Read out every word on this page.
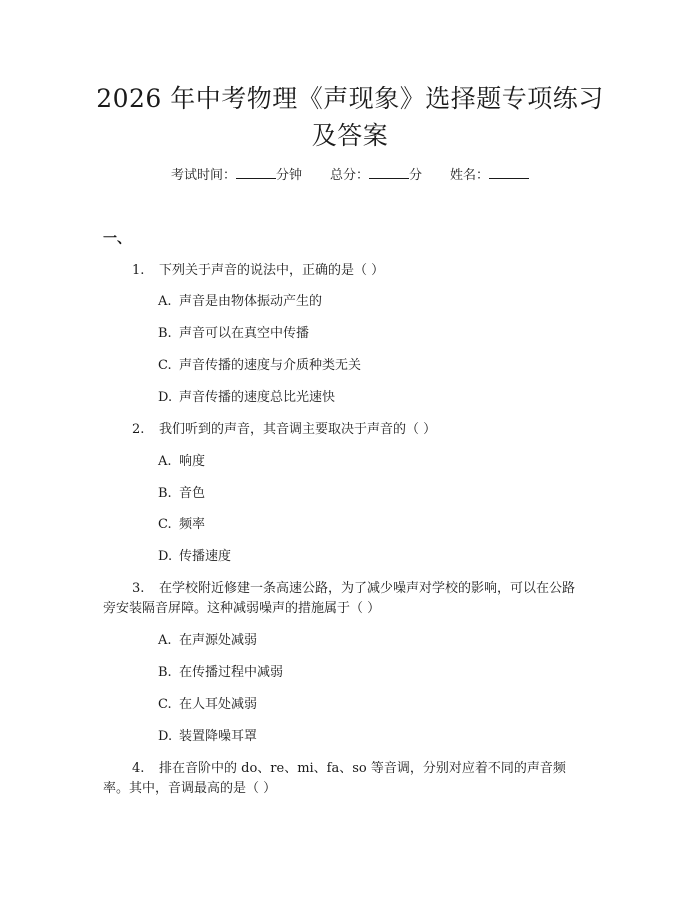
2026 年中考物理《声现象》选择题专项练习
及答案
考试时间：	分钟 总分：	分 姓名：
一、
1. 下列关于声音的说法中，正确的是（ ）
A. 声音是由物体振动产生的
B. 声音可以在真空中传播
C. 声音传播的速度与介质种类无关
D. 声音传播的速度总比光速快
2. 我们听到的声音，其音调主要取决于声音的（ ）
A. 响度
B. 音色
C. 频率
D. 传播速度
3. 在学校附近修建一条高速公路，为了减少噪声对学校的影响，可以在公路
旁安装隔音屏障。这种减弱噪声的措施属于（ ）
A. 在声源处减弱
B. 在传播过程中减弱
C. 在人耳处减弱
D. 装置降噪耳罩
4. 排在音阶中的 do、re、mi、fa、so 等音调，分别对应着不同的声音频
率。其中，音调最高的是（ ）
